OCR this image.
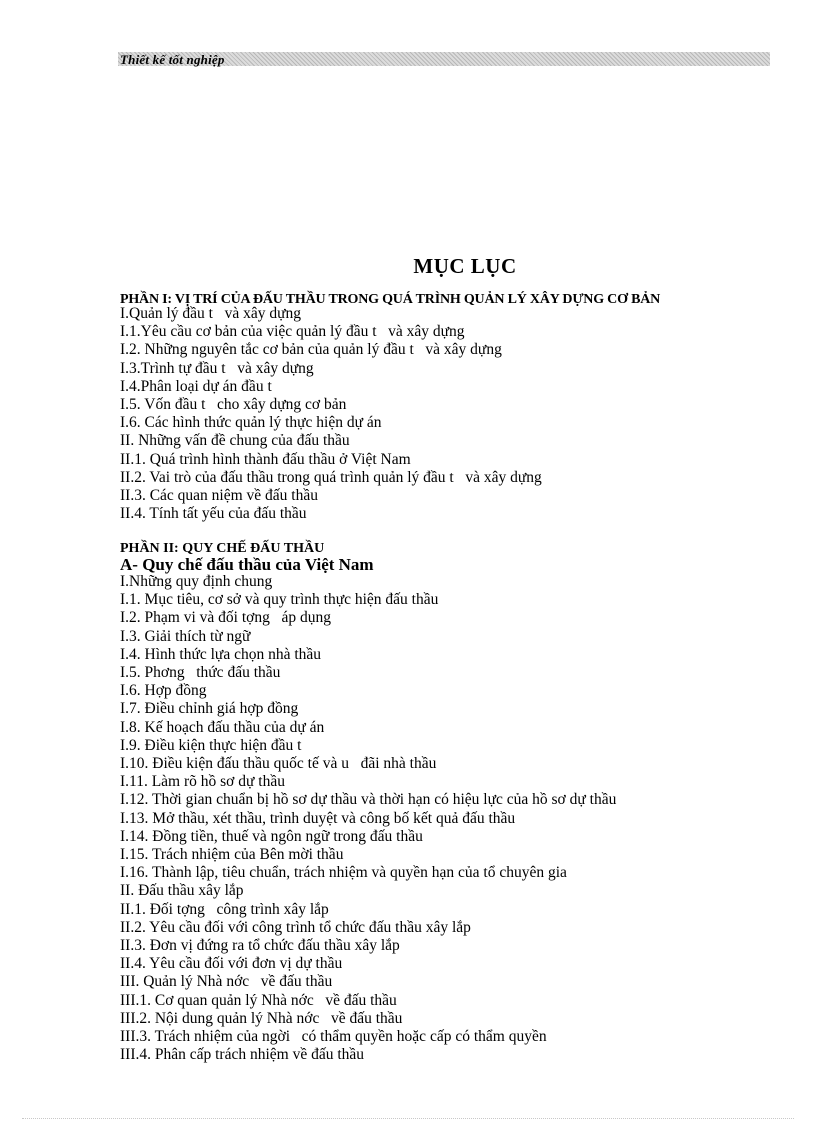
Thiết kế tốt nghiệp
MỤC LỤC
PHẦN I: VỊ TRÍ CỦA ĐẤU THẦU TRONG QUÁ TRÌNH QUẢN LÝ XÂY DỰNG CƠ BẢN
I.Quản lý đầu t   và xây dựng
I.1.Yêu cầu cơ bản của việc quản lý đầu t   và xây dựng
I.2. Những nguyên tắc cơ bản của quản lý đầu t   và xây dựng
I.3.Trình tự đầu t   và xây dựng
I.4.Phân loại dự án đầu t
I.5. Vốn đầu t   cho xây dựng cơ bản
I.6. Các hình thức quản lý thực hiện dự án
II. Những vấn đề chung của đấu thầu
II.1. Quá trình hình thành đấu thầu ở Việt Nam
II.2. Vai trò của đấu thầu trong quá trình quản lý đầu t   và xây dựng
II.3. Các quan niệm về đấu thầu
II.4. Tính tất yếu của đấu thầu
PHẦN II: QUY CHẾ ĐẤU THẦU
A- Quy chế đấu thầu của Việt Nam
I.Những quy định chung
I.1. Mục tiêu, cơ sở và quy trình thực hiện đấu thầu
I.2. Phạm vi và đối tợng   áp dụng
I.3. Giải thích từ ngữ
I.4. Hình thức lựa chọn nhà thầu
I.5. Phơng   thức đấu thầu
I.6. Hợp đồng
I.7. Điều chỉnh giá hợp đồng
I.8. Kế hoạch đấu thầu của dự án
I.9. Điều kiện thực hiện đầu t
I.10. Điều kiện đấu thầu quốc tế và u   đãi nhà thầu
I.11. Làm rõ hồ sơ dự thầu
I.12. Thời gian chuẩn bị hồ sơ dự thầu và thời hạn có hiệu lực của hồ sơ dự thầu
I.13. Mở thầu, xét thầu, trình duyệt và công bố kết quả đấu thầu
I.14. Đồng tiền, thuế và ngôn ngữ trong đấu thầu
I.15. Trách nhiệm của Bên mời thầu
I.16. Thành lập, tiêu chuẩn, trách nhiệm và quyền hạn của tổ chuyên gia
II. Đấu thầu xây lắp
II.1. Đối tợng   công trình xây lắp
II.2. Yêu cầu đối với công trình tổ chức đấu thầu xây lắp
II.3. Đơn vị đứng ra tổ chức đấu thầu xây lắp
II.4. Yêu cầu đối với đơn vị dự thầu
III. Quản lý Nhà nớc   về đấu thầu
III.1. Cơ quan quản lý Nhà nớc   về đấu thầu
III.2. Nội dung quản lý Nhà nớc   về đấu thầu
III.3. Trách nhiệm của ngời   có thẩm quyền hoặc cấp có thẩm quyền
III.4. Phân cấp trách nhiệm về đấu thầu
